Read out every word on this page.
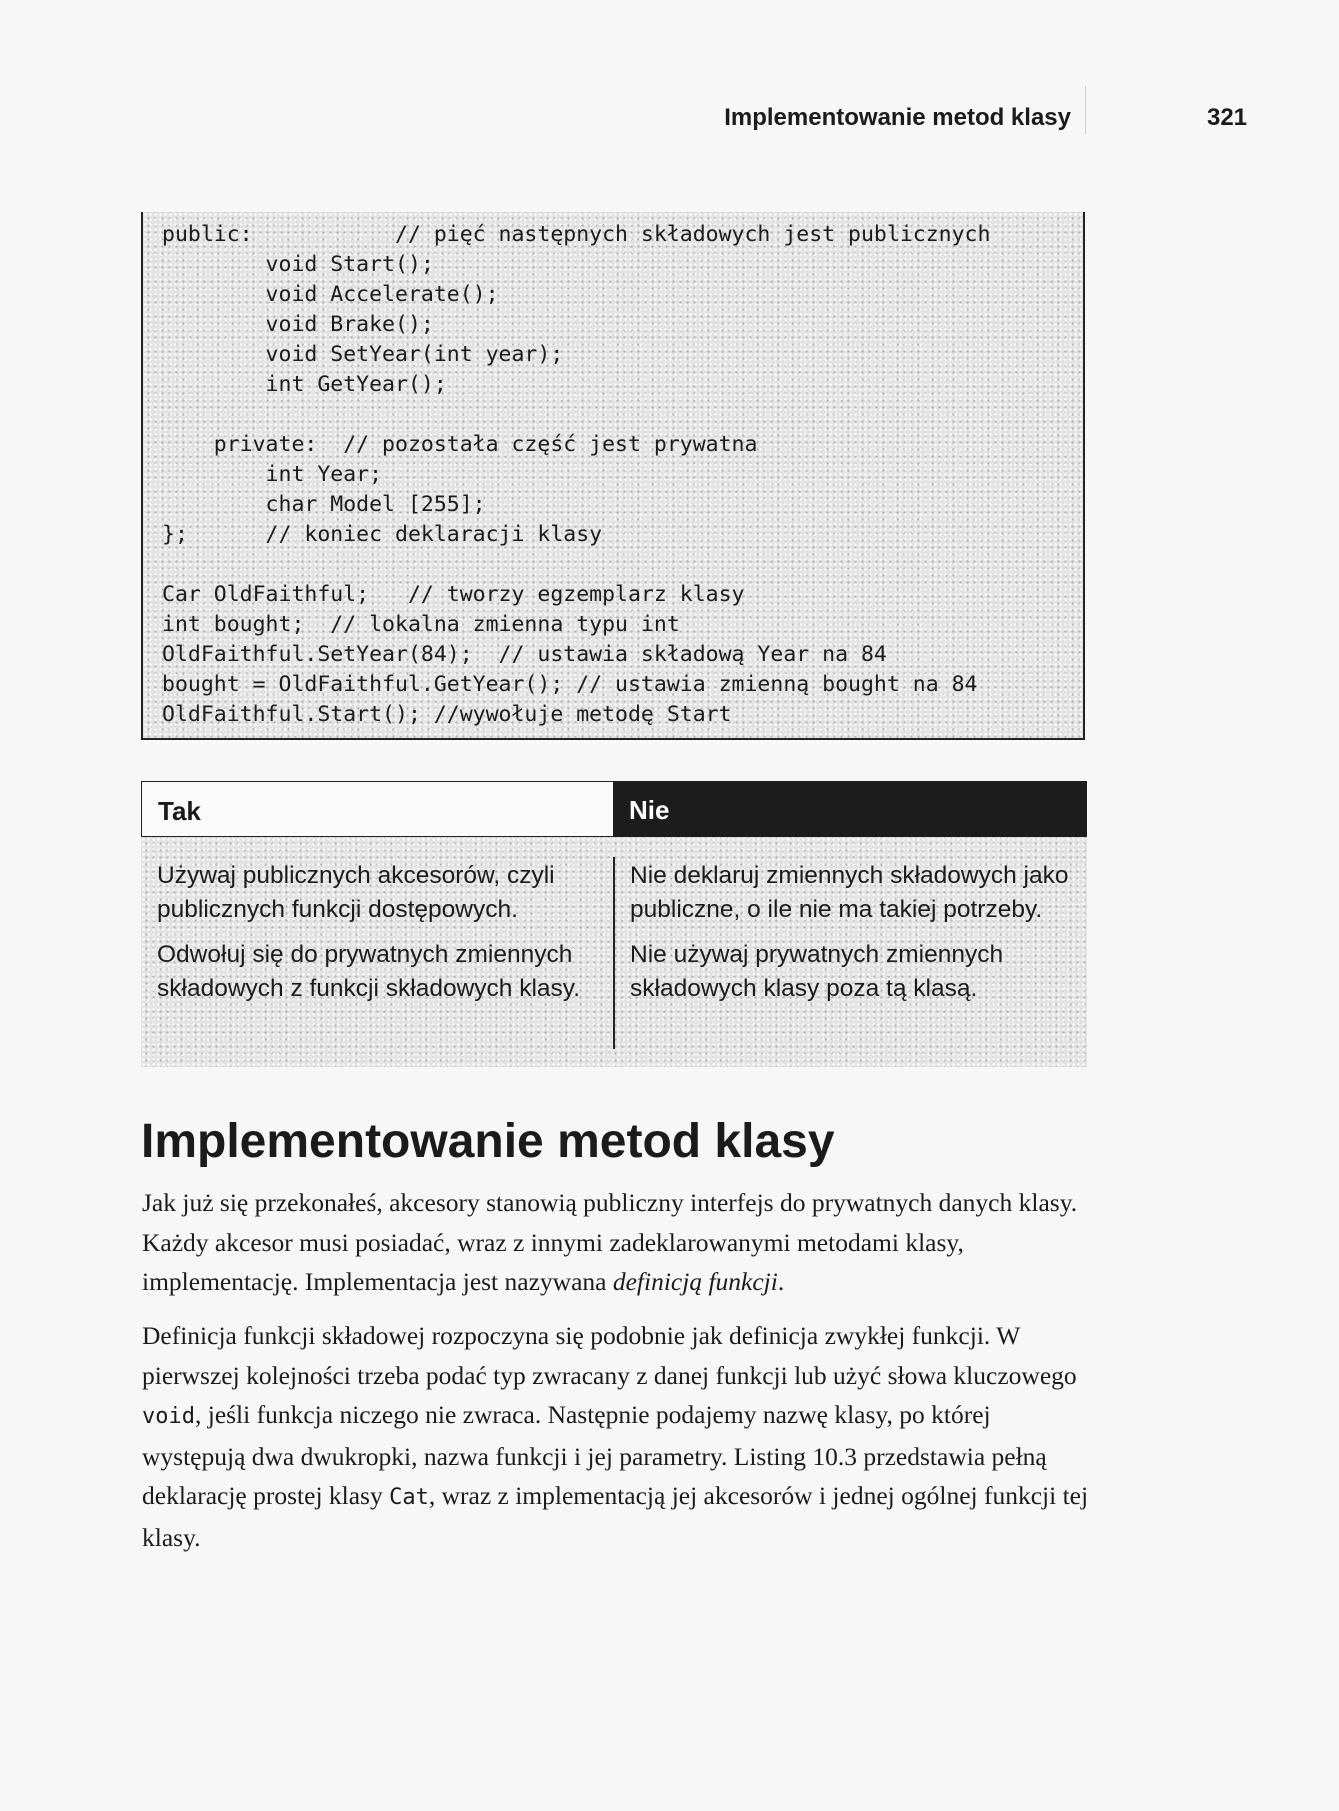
Implementowanie metod klasy	321
public:           // pięć następnych składowych jest publicznych
void Start();
void Accelerate();
void Brake();
void SetYear(int year);
int GetYear();
private:  // pozostała część jest prywatna
int Year;
char Model [255];
};      // koniec deklaracji klasy
Car OldFaithful;   // tworzy egzemplarz klasy
int bought;  // lokalna zmienna typu int
OldFaithful.SetYear(84);  // ustawia składową Year na 84
bought = OldFaithful.GetYear(); // ustawia zmienną bought na 84
OldFaithful.Start(); //wywołuje metodę Start
Tak	Nie

Używaj publicznych akcesorów, czyli publicznych funkcji dostępowych.

Odwołuj się do prywatnych zmiennych składowych z funkcji składowych klasy.

Nie deklaruj zmiennych składowych jako publiczne, o ile nie ma takiej potrzeby.

Nie używaj prywatnych zmiennych składowych klasy poza tą klasą.

Implementowanie metod klasy

Jak już się przekonałeś, akcesory stanowią publiczny interfejs do prywatnych danych klasy. Każdy akcesor musi posiadać, wraz z innymi zadeklarowanymi metodami klasy, implementację. Implementacja jest nazywana definicją funkcji.

Definicja funkcji składowej rozpoczyna się podobnie jak definicja zwykłej funkcji. W pierwszej kolejności trzeba podać typ zwracany z danej funkcji lub użyć słowa kluczowego void, jeśli funkcja niczego nie zwraca. Następnie podajemy nazwę klasy, po której występują dwa dwukropki, nazwa funkcji i jej parametry. Listing 10.3 przedstawia pełną deklarację prostej klasy Cat, wraz z implementacją jej akcesorów i jednej ogólnej funkcji tej klasy.
